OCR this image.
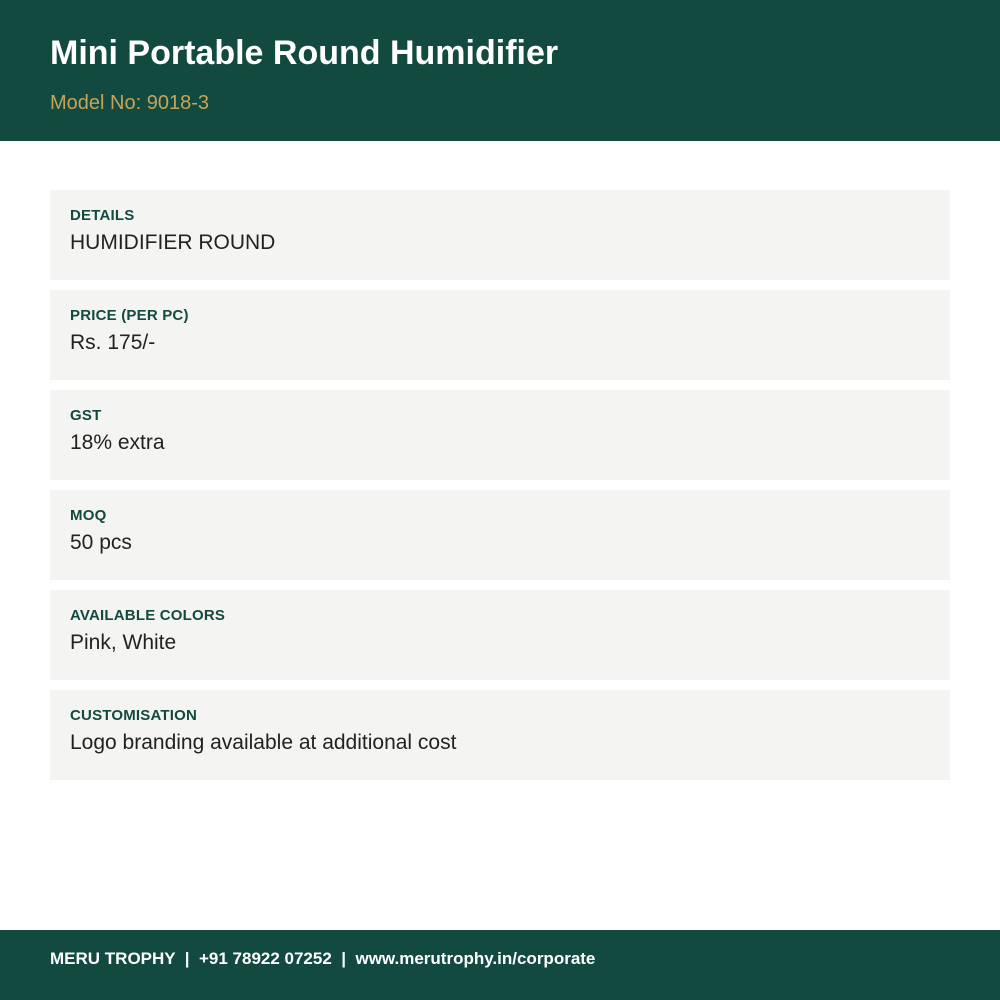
Mini Portable Round Humidifier
Model No: 9018-3
DETAILS
HUMIDIFIER ROUND
PRICE (PER PC)
Rs. 175/-
GST
18% extra
MOQ
50 pcs
AVAILABLE COLORS
Pink, White
CUSTOMISATION
Logo branding available at additional cost
MERU TROPHY  |  +91 78922 07252  |  www.merutrophy.in/corporate
